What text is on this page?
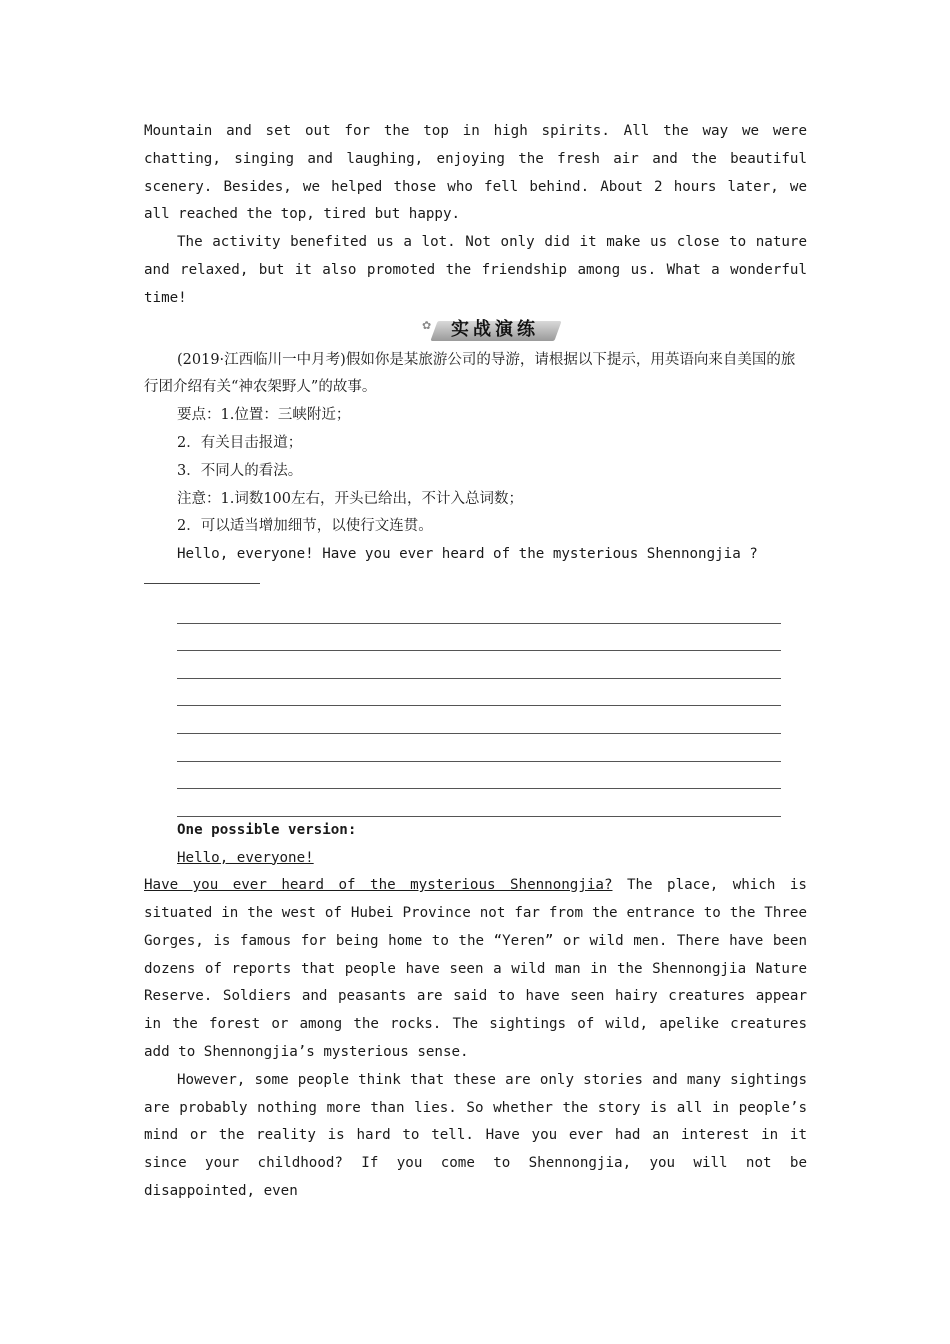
Mountain and set out for the top in high spirits. All the way we were chatting, singing and laughing, enjoying the fresh air and the beautiful scenery. Besides, we helped those who fell behind. About 2 hours later, we all reached the top, tired but happy.

The activity benefited us a lot. Not only did it make us close to nature and relaxed, but it also promoted the friendship among us. What a wonderful time!

✿	实战演练

(2019·江西临川一中月考)假如你是某旅游公司的导游，请根据以下提示，用英语向来自美国的旅行团介绍有关“神农架野人”的故事。

要点：1.位置：三峡附近；

2．有关目击报道；

3．不同人的看法。

注意：1.词数100左右，开头已给出，不计入总词数；

2．可以适当增加细节，以使行文连贯。

Hello, everyone! Have you ever heard of the mysterious Shennongjia ?

One possible version:

Hello, everyone!

Have you ever heard of the mysterious Shennongjia? The place, which is situated in the west of Hubei Province not far from the entrance to the Three Gorges, is famous for being home to the “Yeren” or wild men. There have been dozens of reports that people have seen a wild man in the Shennongjia Nature Reserve. Soldiers and peasants are said to have seen hairy creatures appear in the forest or among the rocks. The sightings of wild, apelike creatures add to Shennongjia’s mysterious sense.

However, some people think that these are only stories and many sightings are probably nothing more than lies. So whether the story is all in people’s mind or the reality is hard to tell. Have you ever had an interest in it since your childhood? If you come to Shennongjia, you will not be disappointed, even
